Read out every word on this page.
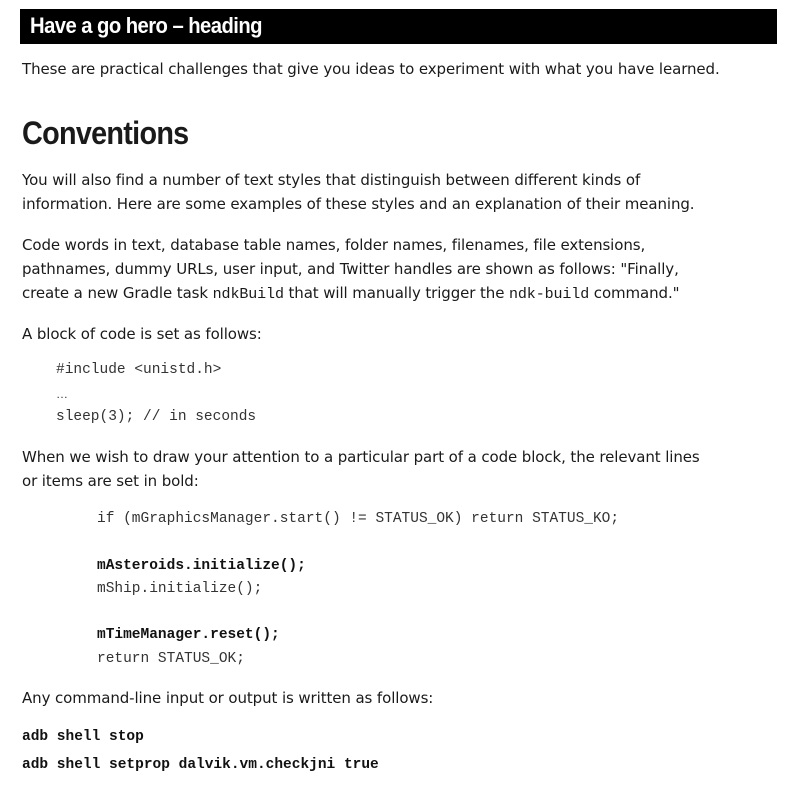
Have a go hero – heading
These are practical challenges that give you ideas to experiment with what you have learned.
Conventions
You will also find a number of text styles that distinguish between different kinds of
information. Here are some examples of these styles and an explanation of their meaning.
Code words in text, database table names, folder names, filenames, file extensions,
pathnames, dummy URLs, user input, and Twitter handles are shown as follows: "Finally,
create a new Gradle task ndkBuild that will manually trigger the ndk-build command."
A block of code is set as follows:
#include <unistd.h>
…
sleep(3); // in seconds
When we wish to draw your attention to a particular part of a code block, the relevant lines
or items are set in bold:
if (mGraphicsManager.start() != STATUS_OK) return STATUS_KO;
mAsteroids.initialize();
mShip.initialize();
mTimeManager.reset();
return STATUS_OK;
Any command-line input or output is written as follows:
adb shell stop
adb shell setprop dalvik.vm.checkjni true
